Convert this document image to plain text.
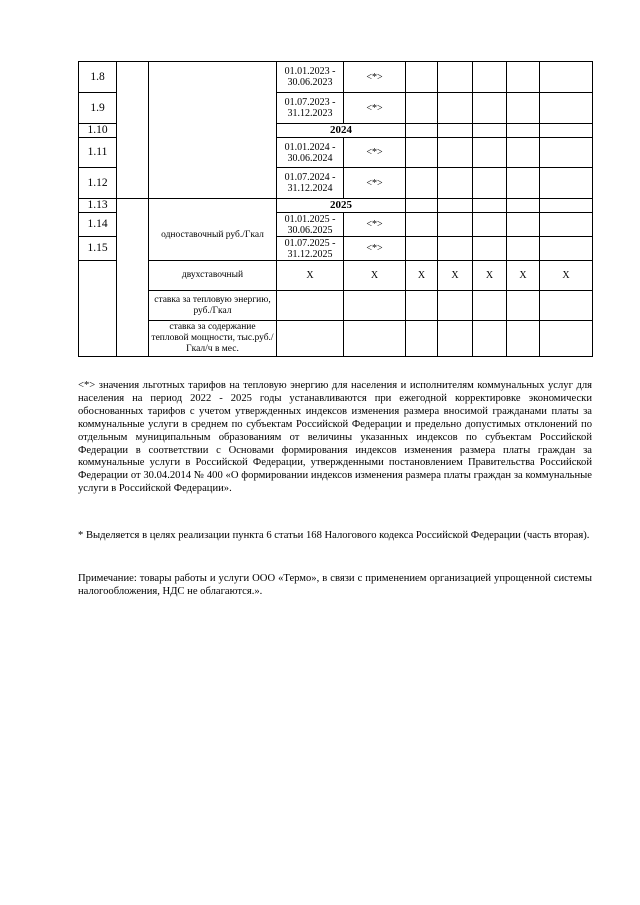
1.8			01.01.2023 - 30.06.2023	<*>					
1.9			01.07.2023 - 31.12.2023	<*>					
1.10			2024						
1.11			01.01.2024 - 30.06.2024	<*>					
1.12			01.07.2024 - 31.12.2024	<*>					
1.13		одноставочный руб./Гкал	2025						
1.14			01.01.2025 - 30.06.2025	<*>					
1.15			01.07.2025 - 31.12.2025	<*>					
		двухставочный	X	X	X	X	X	X	X
		ставка за тепловую энергию, руб./Гкал							
		ставка за содержание тепловой мощности, тыс.руб./Гкал/ч в мес.							

<*> значения льготных тарифов на тепловую энергию для населения и исполнителям коммунальных услуг для населения на период 2022 - 2025 годы устанавливаются при ежегодной корректировке экономически обоснованных тарифов с учетом утвержденных индексов изменения размера вносимой гражданами платы за коммунальные услуги в среднем по субъектам Российской Федерации и предельно допустимых отклонений по отдельным муниципальным образованиям от величины указанных индексов по субъектам Российской Федерации в соответствии с Основами формирования индексов изменения размера платы граждан за коммунальные услуги в Российской Федерации, утвержденными постановлением Правительства Российской Федерации от 30.04.2014 № 400 «О формировании индексов изменения размера платы граждан за коммунальные услуги в Российской Федерации».

* Выделяется в целях реализации пункта 6 статьи 168 Налогового кодекса Российской Федерации (часть вторая).

Примечание: товары работы и услуги ООО «Термо», в связи с применением организацией упрощенной системы налогообложения, НДС не облагаются.».
